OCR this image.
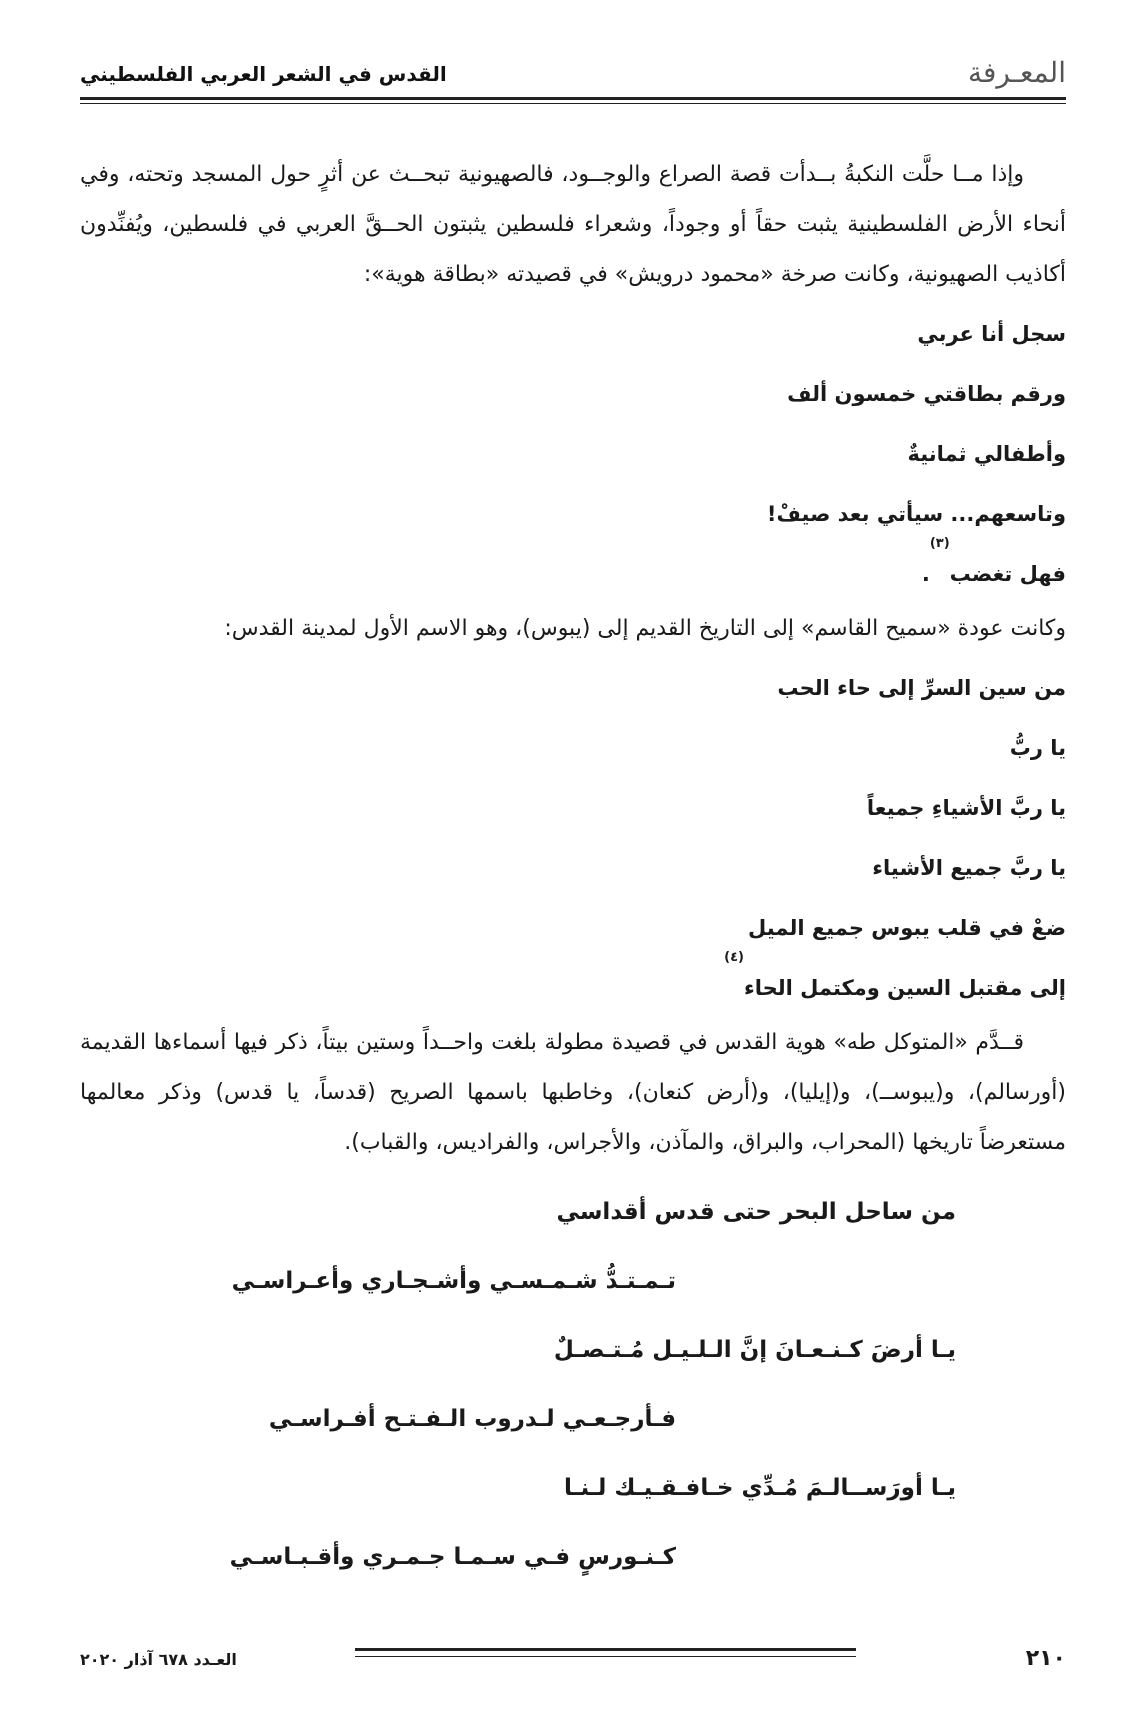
المعـرفة
القدس في الشعر العربي الفلسطيني

وإذا مــا حلَّت النكبةُ بــدأت قصة الصراع والوجــود، فالصهيونية تبحــث عن أثرٍ حول المسجد وتحته، وفي أنحاء الأرض الفلسطينية يثبت حقاً أو وجوداً، وشعراء فلسطين يثبتون الحــقَّ العربي في فلسطين، ويُفنِّدون أكاذيب الصهيونية، وكانت صرخة «محمود درويش» في قصيدته «بطاقة هوية»:

سجل أنا عربي
ورقم بطاقتي خمسون ألف
وأطفالي ثمانيةٌ
وتاسعهم... سيأتي بعد صيفْ!
فهل تغضب$^{(٣)}$.

وكانت عودة «سميح القاسم» إلى التاريخ القديم إلى (يبوس)، وهو الاسم الأول لمدينة القدس:

من سين السرِّ إلى حاء الحب
يا ربُّ
يا ربَّ الأشياءِ جميعاً
يا ربَّ جميع الأشياء
ضعْ في قلب يبوس جميع الميل
إلى مقتبل السين ومكتمل الحاء$^{(٤)}$

قــدَّم «المتوكل طه» هوية القدس في قصيدة مطولة بلغت واحــداً وستين بيتاً، ذكر فيها أسماءها القديمة (أورسالم)، و(يبوســ)، و(إيليا)، و(أرض كنعان)، وخاطبها باسمها الصريح (قدساً، يا قدس) وذكر معالمها مستعرضاً تاريخها (المحراب، والبراق، والمآذن، والأجراس، والفراديس، والقباب).

من ساحل البحر حتى قدس أقداسي
تـمـتـدُّ شـمـسـي وأشـجـاري وأعـراسـي
يـا أرضَ كـنـعـانَ إنَّ الـلـيـل مُـتـصـلٌ
فـأرجـعـي لـدروب الـفـتـح أفـراسـي
يـا أورَســالـمَ مُـدِّي خـافـقـيـك لـنـا
كـنـورسٍ فـي سـمـا جـمـري وأقـبـاسـي
٢١٠
العـدد ٦٧٨ آذار ٢٠٢٠
